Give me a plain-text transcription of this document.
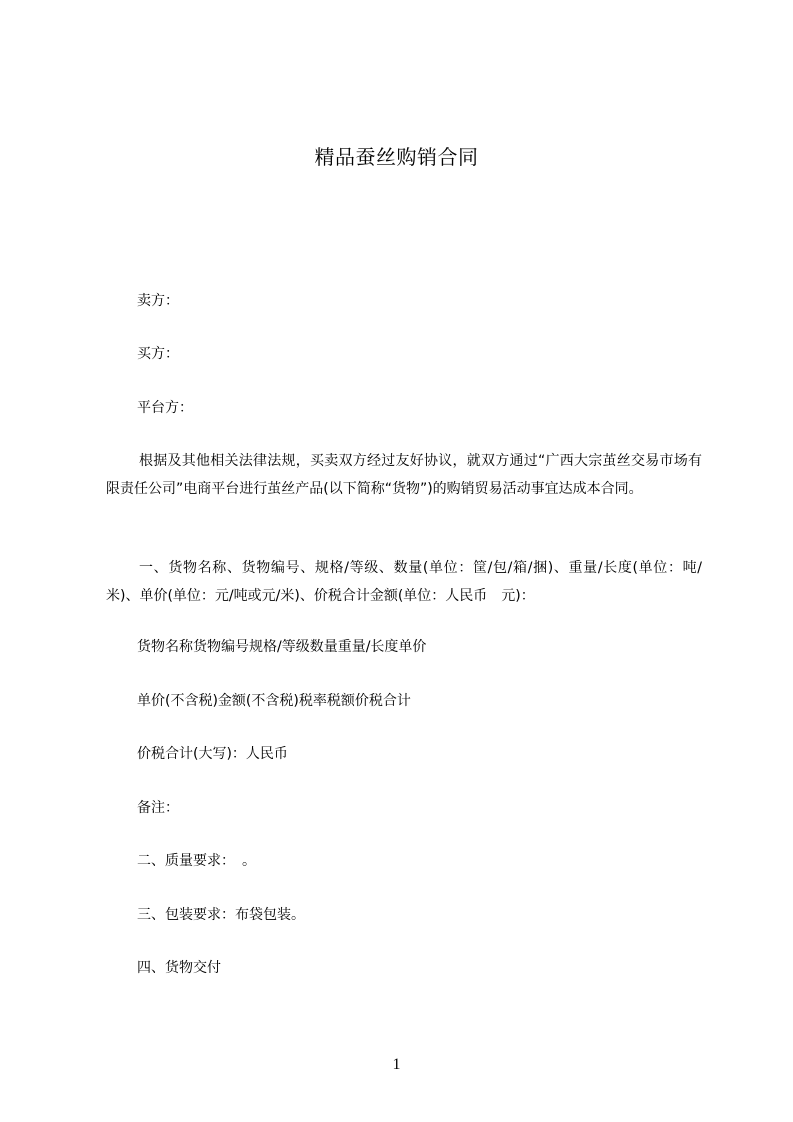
精品蚕丝购销合同
卖方：
买方：
平台方：
根据及其他相关法律法规，买卖双方经过友好协议，就双方通过“广西大宗茧丝交易市场有限责任公司”电商平台进行茧丝产品(以下简称“货物”)的购销贸易活动事宜达成本合同。
一、货物名称、货物编号、规格/等级、数量(单位：筐/包/箱/捆)、重量/长度(单位：吨/米)、单价(单位：元/吨或元/米)、价税合计金额(单位：人民币　元)：
货物名称货物编号规格/等级数量重量/长度单价
单价(不含税)金额(不含税)税率税额价税合计
价税合计(大写)：人民币
备注：
二、质量要求：　。
三、包装要求：布袋包装。
四、货物交付
1
